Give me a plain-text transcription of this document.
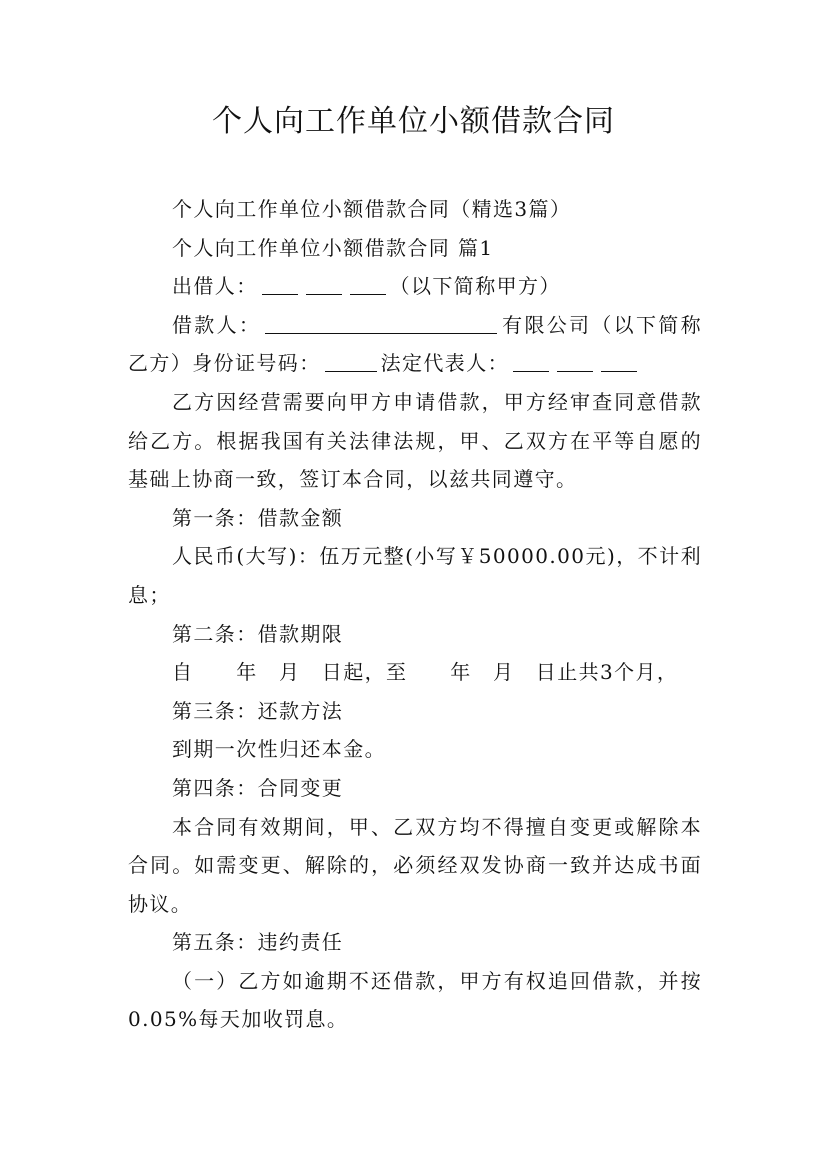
个人向工作单位小额借款合同

个人向工作单位小额借款合同（精选3篇）

个人向工作单位小额借款合同 篇1

出借人：	（以下简称甲方）

借款人：	有限公司（以下简称乙方）身份证号码：	法定代表人：

乙方因经营需要向甲方申请借款，甲方经审查同意借款给乙方。根据我国有关法律法规，甲、乙双方在平等自愿的基础上协商一致，签订本合同，以兹共同遵守。

第一条：借款金额

人民币(大写)：伍万元整(小写￥50000.00元)，不计利息；

第二条：借款期限

自　　年　月　日起，至　　年　月　日止共3个月，

第三条：还款方法

到期一次性归还本金。

第四条：合同变更

本合同有效期间，甲、乙双方均不得擅自变更或解除本合同。如需变更、解除的，必须经双发协商一致并达成书面协议。

第五条：违约责任

（一）乙方如逾期不还借款，甲方有权追回借款，并按0.05%每天加收罚息。
